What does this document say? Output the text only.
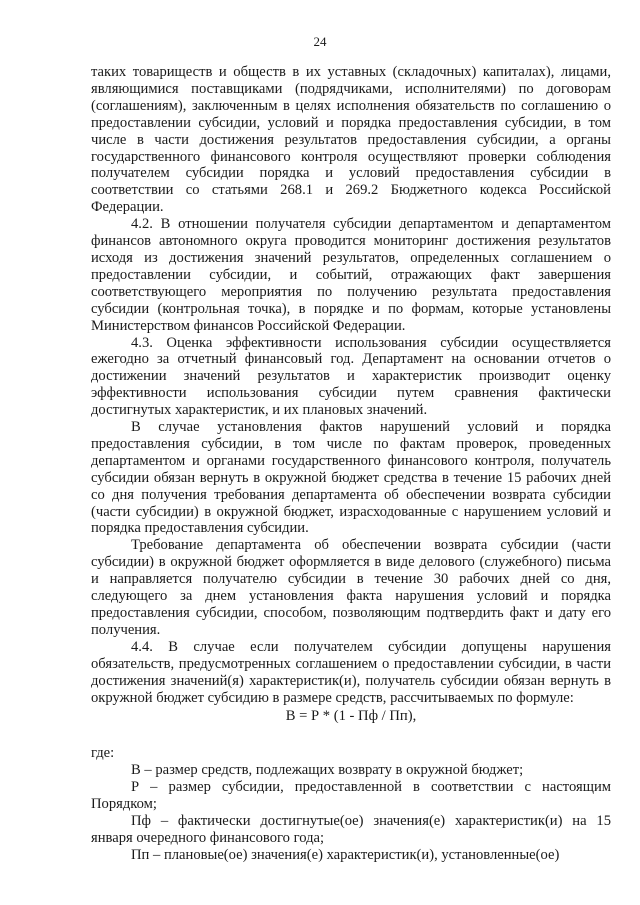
24

таких товариществ и обществ в их уставных (складочных) капиталах), лицами, являющимися поставщиками (подрядчиками, исполнителями) по договорам (соглашениям), заключенным в целях исполнения обязательств по соглашению о предоставлении субсидии, условий и порядка предоставления субсидии, в том числе в части достижения результатов предоставления субсидии, а органы государственного финансового контроля осуществляют проверки соблюдения получателем субсидии порядка и условий предоставления субсидии в соответствии со статьями 268.1 и 269.2 Бюджетного кодекса Российской Федерации.

4.2. В отношении получателя субсидии департаментом и департаментом финансов автономного округа проводится мониторинг достижения результатов исходя из достижения значений результатов, определенных соглашением о предоставлении субсидии, и событий, отражающих факт завершения соответствующего мероприятия по получению результата предоставления субсидии (контрольная точка), в порядке и по формам, которые установлены Министерством финансов Российской Федерации.

4.3. Оценка эффективности использования субсидии осуществляется ежегодно за отчетный финансовый год. Департамент на основании отчетов о достижении значений результатов и характеристик производит оценку эффективности использования субсидии путем сравнения фактически достигнутых характеристик, и их плановых значений.

В случае установления фактов нарушений условий и порядка предоставления субсидии, в том числе по фактам проверок, проведенных департаментом и органами государственного финансового контроля, получатель субсидии обязан вернуть в окружной бюджет средства в течение 15 рабочих дней со дня получения требования департамента об обеспечении возврата субсидии (части субсидии) в окружной бюджет, израсходованные с нарушением условий и порядка предоставления субсидии.

Требование департамента об обеспечении возврата субсидии (части субсидии) в окружной бюджет оформляется в виде делового (служебного) письма и направляется получателю субсидии в течение 30 рабочих дней со дня, следующего за днем установления факта нарушения условий и порядка предоставления субсидии, способом, позволяющим подтвердить факт и дату его получения.

4.4. В случае если получателем субсидии допущены нарушения обязательств, предусмотренных соглашением о предоставлении субсидии, в части достижения значений(я) характеристик(и), получатель субсидии обязан вернуть в окружной бюджет субсидию в размере средств, рассчитываемых по формуле:

В = Р * (1 - Пф / Пп),

где:

В – размер средств, подлежащих возврату в окружной бюджет;

Р – размер субсидии, предоставленной в соответствии с настоящим Порядком;

Пф – фактически достигнутые(ое) значения(е) характеристик(и) на 15 января очередного финансового года;

Пп – плановые(ое) значения(е) характеристик(и), установленные(ое)
